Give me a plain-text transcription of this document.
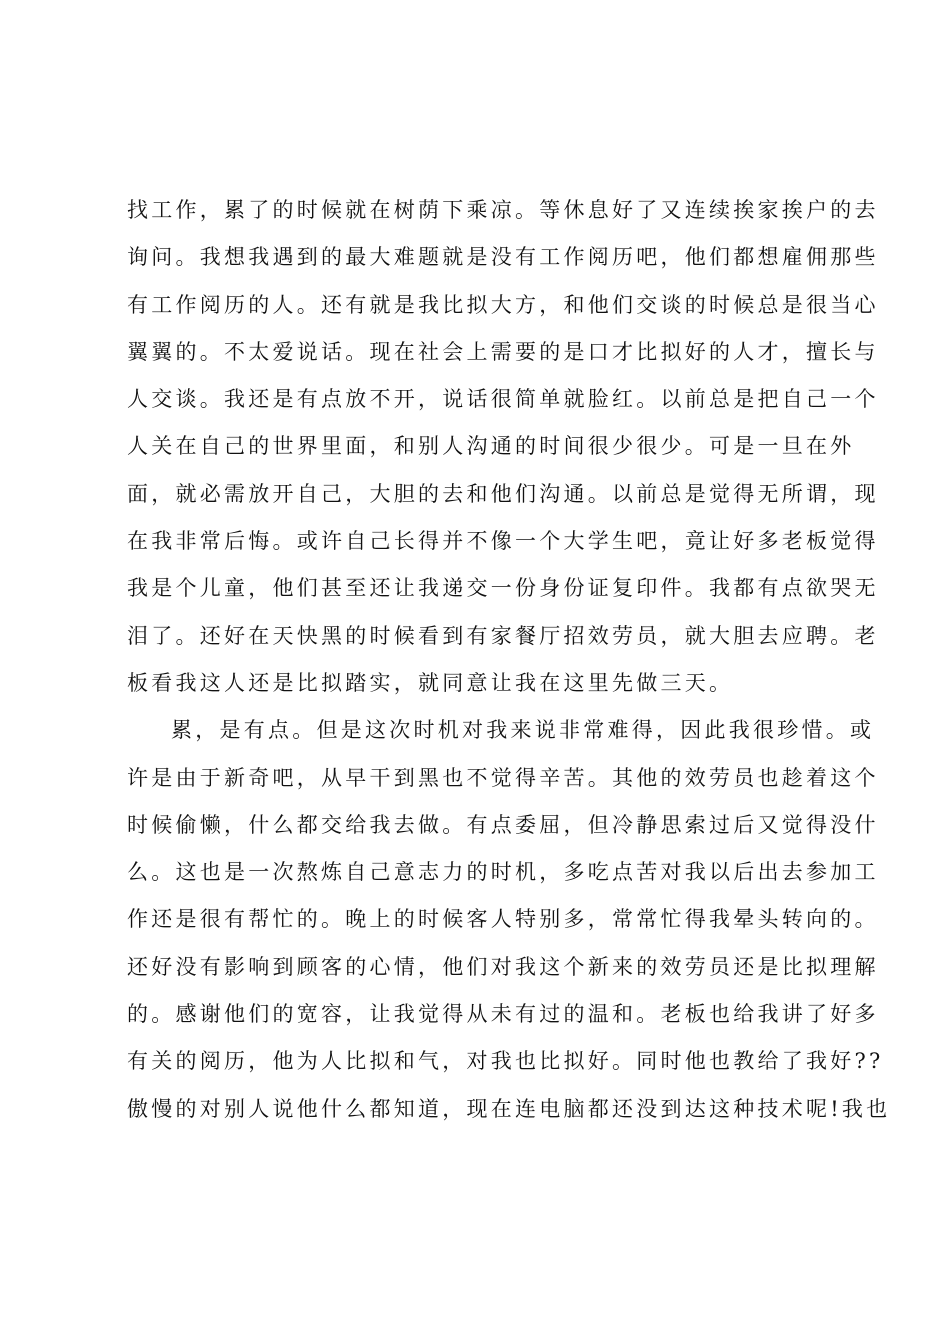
找工作，累了的时候就在树荫下乘凉。等休息好了又连续挨家挨户的去
询问。我想我遇到的最大难题就是没有工作阅历吧，他们都想雇佣那些
有工作阅历的人。还有就是我比拟大方，和他们交谈的时候总是很当心
翼翼的。不太爱说话。现在社会上需要的是口才比拟好的人才，擅长与
人交谈。我还是有点放不开，说话很简单就脸红。以前总是把自己一个
人关在自己的世界里面，和别人沟通的时间很少很少。可是一旦在外
面，就必需放开自己，大胆的去和他们沟通。以前总是觉得无所谓，现
在我非常后悔。或许自己长得并不像一个大学生吧，竟让好多老板觉得
我是个儿童，他们甚至还让我递交一份身份证复印件。我都有点欲哭无
泪了。还好在天快黑的时候看到有家餐厅招效劳员，就大胆去应聘。老
板看我这人还是比拟踏实，就同意让我在这里先做三天。
累，是有点。但是这次时机对我来说非常难得，因此我很珍惜。或
许是由于新奇吧，从早干到黑也不觉得辛苦。其他的效劳员也趁着这个
时候偷懒，什么都交给我去做。有点委屈，但冷静思索过后又觉得没什
么。这也是一次熬炼自己意志力的时机，多吃点苦对我以后出去参加工
作还是很有帮忙的。晚上的时候客人特别多，常常忙得我晕头转向的。
还好没有影响到顾客的心情，他们对我这个新来的效劳员还是比拟理解
的。感谢他们的宽容，让我觉得从未有过的温和。老板也给我讲了好多
有关的阅历，他为人比拟和气，对我也比拟好。同时他也教给了我好??
傲慢的对别人说他什么都知道，现在连电脑都还没到达这种技术呢!我也
